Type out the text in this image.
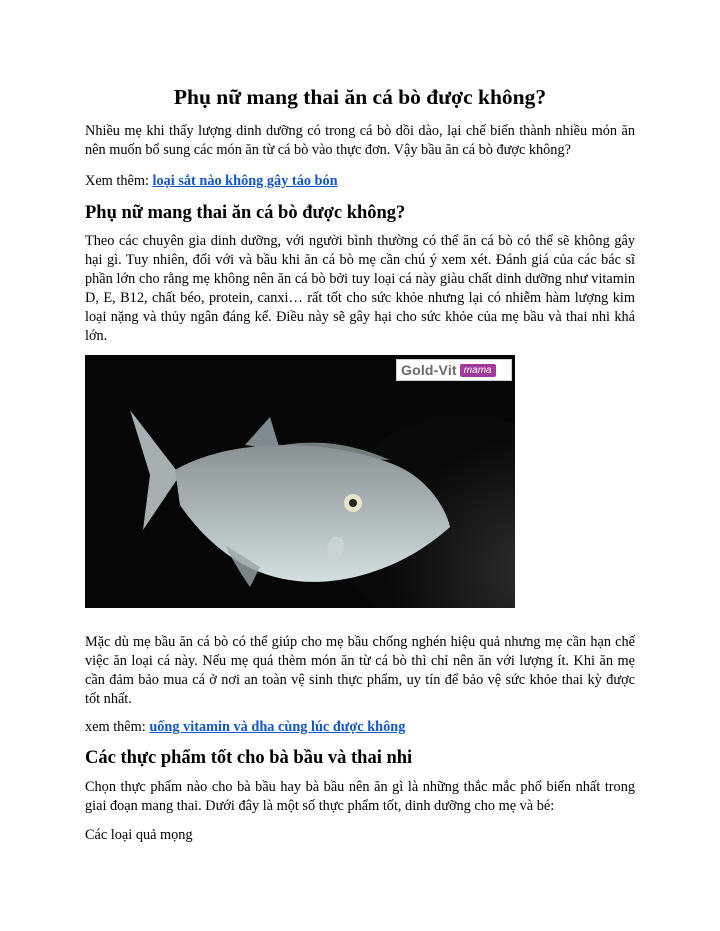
Phụ nữ mang thai ăn cá bò được không?

Nhiều mẹ khi thấy lượng dinh dưỡng có trong cá bò dồi dào, lại chế biến thành nhiều món ăn nên muốn bổ sung các món ăn từ cá bò vào thực đơn. Vậy bầu ăn cá bò được không?

Xem thêm: loại sắt nào không gây táo bón

Phụ nữ mang thai ăn cá bò được không?

Theo các chuyên gia dinh dưỡng, với người bình thường có thể ăn cá bò có thể sẽ không gây hại gì. Tuy nhiên, đối với và bầu khi ăn cá bò mẹ cần chú ý xem xét. Đánh giá của các bác sĩ phần lớn cho rằng mẹ không nên ăn cá bò bởi tuy loại cá này giàu chất dinh dưỡng như vitamin D, E, B12, chất béo, protein, canxi… rất tốt cho sức khỏe nhưng lại có nhiễm hàm lượng kim loại nặng và thủy ngân đáng kể. Điều này sẽ gây hại cho sức khỏe của mẹ bầu và thai nhi khá lớn.

Gold-Vit mama

Mặc dù mẹ bầu ăn cá bò có thể giúp cho mẹ bầu chống nghén hiệu quả nhưng mẹ cần hạn chế việc ăn loại cá này. Nếu mẹ quá thèm món ăn từ cá bò thì chỉ nên ăn với lượng ít. Khi ăn mẹ cần đảm bảo mua cá ở nơi an toàn vệ sinh thực phẩm, uy tín để bảo vệ sức khỏe thai kỳ được tốt nhất.

xem thêm: uống vitamin và dha cùng lúc được không

Các thực phẩm tốt cho bà bầu và thai nhi

Chọn thực phẩm nào cho bà bầu hay bà bầu nên ăn gì là những thắc mắc phổ biến nhất trong giai đoạn mang thai. Dưới đây là một số thực phẩm tốt, dinh dưỡng cho mẹ và bé:

Các loại quả mọng
